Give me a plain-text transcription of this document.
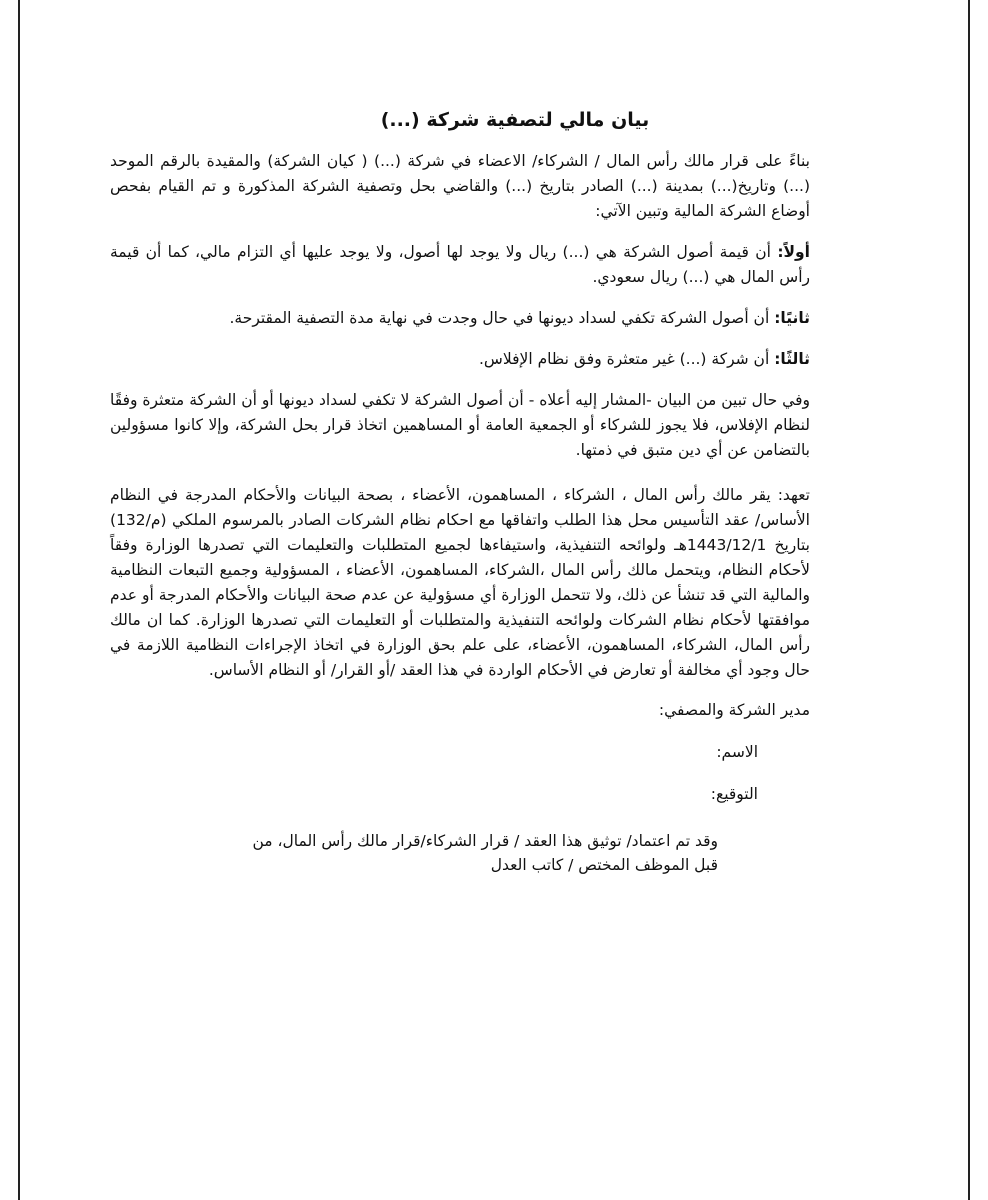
بيان مالي لتصفية شركة (...)

بناءً على قرار مالك رأس المال / الشركاء/ الاعضاء في شركة (...) ( كيان الشركة) والمقيدة بالرقم الموحد (...) وتاريخ(...) بمدينة (...) الصادر بتاريخ (...) والقاضي بحل وتصفية الشركة المذكورة و تم القيام بفحص أوضاع الشركة المالية وتبين الآتي:

أولاً: أن قيمة أصول الشركة هي (...) ريال ولا يوجد لها أصول، ولا يوجد عليها أي التزام مالي، كما أن قيمة رأس المال هي (...) ريال سعودي.

ثانيًا: أن أصول الشركة تكفي لسداد ديونها في حال وجدت في نهاية مدة التصفية المقترحة.

ثالثًا: أن شركة (...) غير متعثرة وفق نظام الإفلاس.

وفي حال تبين من البيان -المشار إليه أعلاه - أن أصول الشركة لا تكفي لسداد ديونها أو أن الشركة متعثرة وفقًا لنظام الإفلاس، فلا يجوز للشركاء أو الجمعية العامة أو المساهمين اتخاذ قرار بحل الشركة، وإلا كانوا مسؤولين بالتضامن عن أي دين متبق في ذمتها.

تعهد: يقر مالك رأس المال ، الشركاء ، المساهمون، الأعضاء ، بصحة البيانات والأحكام المدرجة في النظام الأساس/ عقد التأسيس محل هذا الطلب واتفاقها مع احكام نظام الشركات الصادر بالمرسوم الملكي (م/132) بتاريخ 1443/12/1هـ ولوائحه التنفيذية، واستيفاءها لجميع المتطلبات والتعليمات التي تصدرها الوزارة وفقاً لأحكام النظام، ويتحمل مالك رأس المال ،الشركاء، المساهمون، الأعضاء ، المسؤولية وجميع التبعات النظامية والمالية التي قد تنشأ عن ذلك، ولا تتحمل الوزارة أي مسؤولية عن عدم صحة البيانات والأحكام المدرجة أو عدم موافقتها لأحكام نظام الشركات ولوائحه التنفيذية والمتطلبات أو التعليمات التي تصدرها الوزارة. كما ان مالك رأس المال، الشركاء، المساهمون، الأعضاء، على علم بحق الوزارة في اتخاذ الإجراءات النظامية اللازمة في حال وجود أي مخالفة أو تعارض في الأحكام الواردة في هذا العقد /أو القرار/ أو النظام الأساس.

مدير الشركة والمصفي:

الاسم:

التوقيع:

وقد تم اعتماد/ توثيق هذا العقد / قرار الشركاء/قرار مالك رأس المال، من
قبل الموظف المختص / كاتب العدل
